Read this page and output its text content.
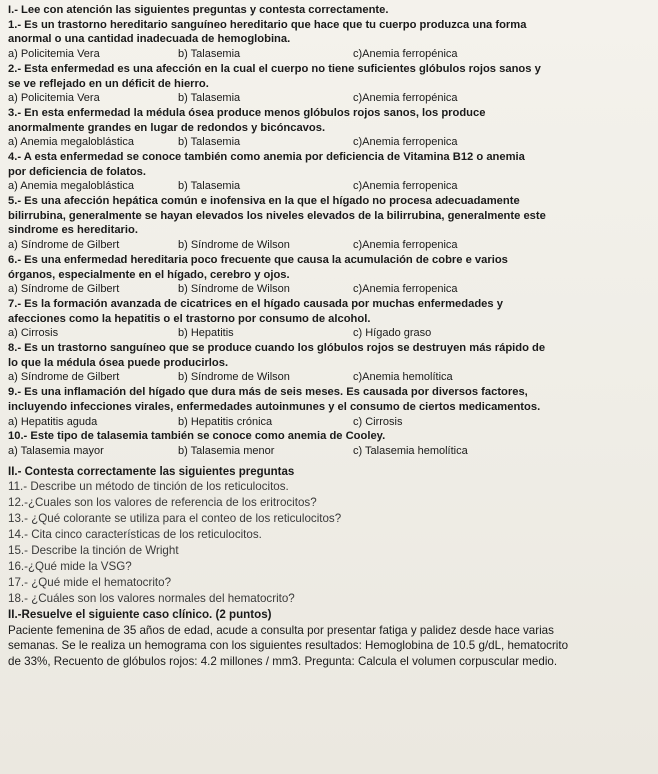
I.- Lee con atención las siguientes preguntas y contesta correctamente.

1.- Es un trastorno hereditario sanguíneo hereditario que hace que tu cuerpo produzca una forma

anormal o una cantidad inadecuada de hemoglobina.

a) Policitemia Vera	b) Talasemia	c)Anemia ferropénica

2.- Esta enfermedad es una afección en la cual el cuerpo no tiene suficientes glóbulos rojos sanos y

se ve reflejado en un déficit de hierro.

a) Policitemia Vera	b) Talasemia	c)Anemia ferropénica

3.- En esta enfermedad la médula ósea produce menos glóbulos rojos sanos, los produce

anormalmente grandes en lugar de redondos y bicóncavos.

a) Anemia megaloblástica	b) Talasemia	c)Anemia ferropenica

4.- A esta enfermedad se conoce también como anemia por deficiencia de Vitamina B12 o anemia

por deficiencia de folatos.

a) Anemia megaloblástica	b) Talasemia	c)Anemia ferropenica

5.- Es una afección hepática común e inofensiva en la que el hígado no procesa adecuadamente

bilirrubina, generalmente se hayan elevados los niveles elevados de la bilirrubina, generalmente este

sindrome es hereditario.

a) Síndrome de Gilbert	b) Síndrome de Wilson	c)Anemia ferropenica

6.- Es una enfermedad hereditaria poco frecuente que causa la acumulación de cobre e varios

órganos, especialmente en el hígado, cerebro y ojos.

a) Síndrome de Gilbert	b) Síndrome de Wilson	c)Anemia ferropenica

7.- Es la formación avanzada de cicatrices en el hígado causada por muchas enfermedades y

afecciones como la hepatitis o el trastorno por consumo de alcohol.

a) Cirrosis	b) Hepatitis	c) Hígado graso

8.- Es un trastorno sanguíneo que se produce cuando los glóbulos rojos se destruyen más rápido de

lo que la médula ósea puede producirlos.

a) Síndrome de Gilbert	b) Síndrome de Wilson	c)Anemia hemolítica

9.- Es una inflamación del hígado que dura más de seis meses. Es causada por diversos factores,

incluyendo infecciones virales, enfermedades autoinmunes y el consumo de ciertos medicamentos.

a) Hepatitis aguda	b) Hepatitis crónica	c) Cirrosis

10.- Este tipo de talasemia también se conoce como anemia de Cooley.

a) Talasemia mayor	b) Talasemia menor	c) Talasemia hemolítica

II.- Contesta correctamente las siguientes preguntas

11.- Describe un método de tinción de los reticulocitos.

12.-¿Cuales son los valores de referencia de los eritrocitos?

13.- ¿Qué colorante se utiliza para el conteo de los reticulocitos?

14.- Cita cinco características de los reticulocitos.

15.- Describe la tinción de Wright

16.-¿Qué mide la VSG?

17.- ¿Qué mide el hematocrito?

18.- ¿Cuáles son los valores normales del hematocrito?

II.-Resuelve el siguiente caso clínico. (2 puntos)

Paciente femenina de 35 años de edad, acude a consulta por presentar fatiga y palidez desde hace varias

semanas. Se le realiza un hemograma con los siguientes resultados: Hemoglobina de 10.5 g/dL, hematocrito

de 33%, Recuento de glóbulos rojos: 4.2 millones / mm3. Pregunta: Calcula el volumen corpuscular medio.
